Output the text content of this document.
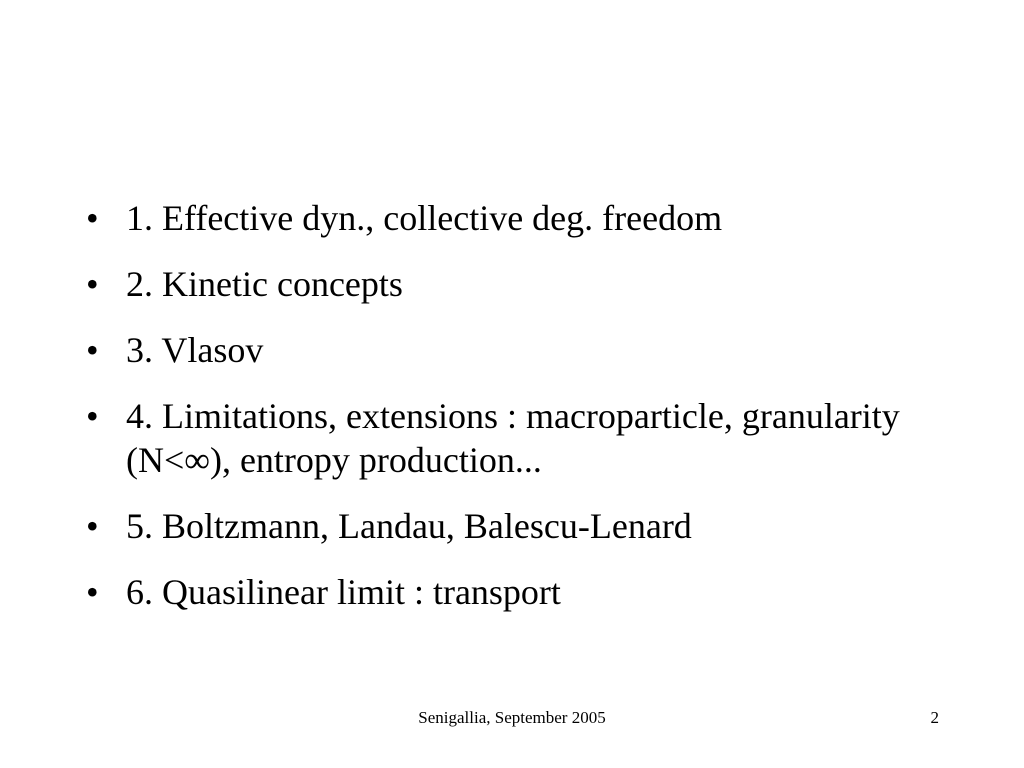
• 1. Effective dyn., collective deg. freedom
• 2. Kinetic concepts
• 3. Vlasov
• 4. Limitations, extensions : macroparticle, granularity (N<∞), entropy production...
• 5. Boltzmann, Landau, Balescu-Lenard
• 6. Quasilinear limit : transport
Senigallia, September 2005	2
